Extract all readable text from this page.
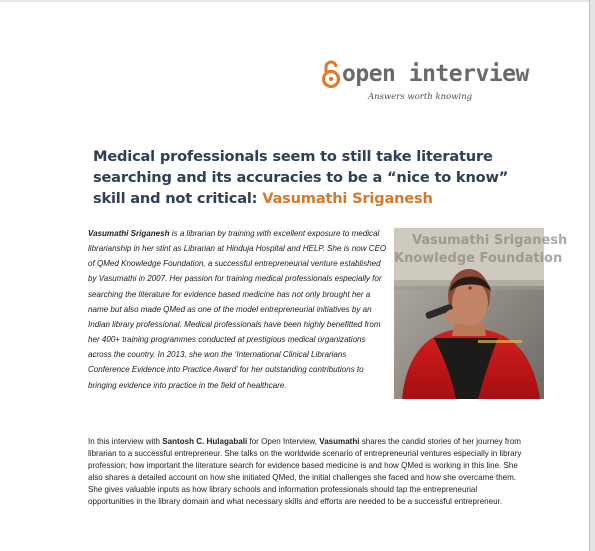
open interview
Answers worth knowing
Medical professionals seem to still take literature searching and its accuracies to be a “nice to know” skill and not critical: Vasumathi Sriganesh
Vasumathi Sriganesh is a librarian by training with excellent exposure to medical librarianship in her stint as Librarian at Hinduja Hospital and HELP. She is now CEO of QMed Knowledge Foundation, a successful entrepreneurial venture established by Vasumathi in 2007. Her passion for training medical professionals especially for searching the literature for evidence based medicine has not only brought her a name but also made QMed as one of the model entrepreneurial initiatives by an Indian library professional. Medical professionals have been highly benefitted from her 400+ training programmes conducted at prestigious medical organizations across the country. In 2013, she won the ‘International Clinical Librarians Conference Evidence into Practice Award’ for her outstanding contributions to bringing evidence into practice in the field of healthcare.
Vasumathi Sriganesh Knowledge Foundation
In this interview with Santosh C. Hulagabali for Open Interview, Vasumathi shares the candid stories of her journey from librarian to a successful entrepreneur. She talks on the worldwide scenario of entrepreneurial ventures especially in library profession; how important the literature search for evidence based medicine is and how QMed is working in this line. She also shares a detailed account on how she initiated QMed, the initial challenges she faced and how she overcame them. She gives valuable inputs as how library schools and information professionals should tap the entrepreneurial opportunities in the library domain and what necessary skills and efforts are needed to be a successful entrepreneur.
